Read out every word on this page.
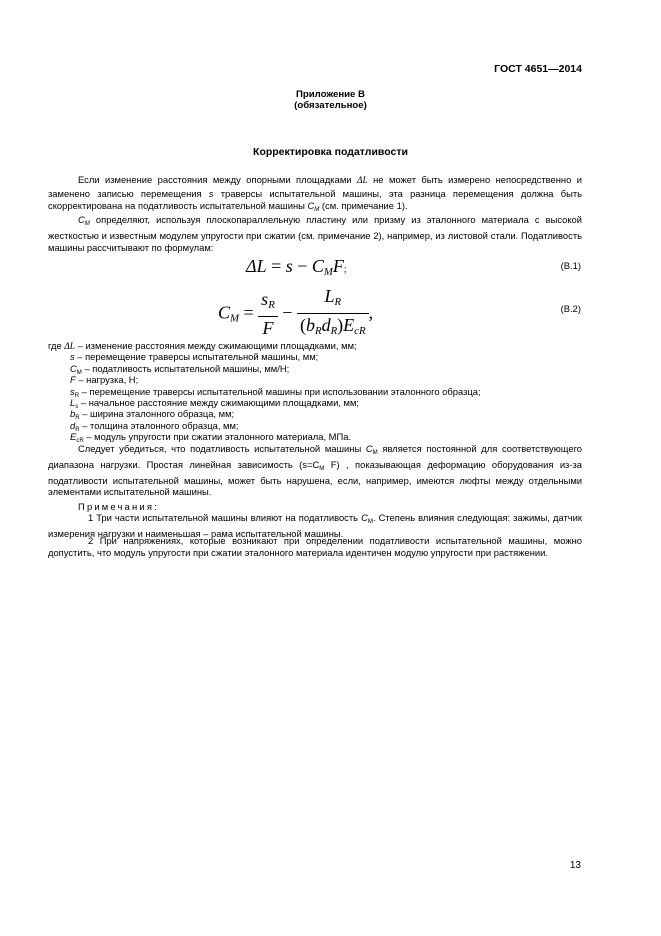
ГОСТ 4651—2014
Приложение В
(обязательное)
Корректировка податливости
Если изменение расстояния между опорными площадками ΔL не может быть измерено непосредственно и заменено записью перемещения s траверсы испытательной машины, эта разница перемещения должна быть скорректирована на податливость испытательной машины $C_M$ (см. примечание 1).
$C_M$ определяют, используя плоскопараллельную пластину или призму из эталонного материала с высокой жесткостью и известным модулем упругости при сжатии (см. примечание 2), например, из листовой стали. Податливость машины рассчитывают по формулам:
$\Delta L = s - C_MF$;	(B.1)
$C_M = \frac{s_R}{F} - \frac{L_R}{(b_Rd_R)E_{cR}}$ ,	(B.2)
где ΔL – изменение расстояния между сжимающими площадками, мм;
s – перемещение траверсы испытательной машины, мм;
$C_M$ – податливость испытательной машины, мм/Н;
F – нагрузка, Н;
$s_R$ – перемещение траверсы испытательной машины при использовании эталонного образца;
$L_s$ – начальное расстояние между сжимающими площадками, мм;
$b_R$ – ширина эталонного образца, мм;
$d_R$ – толщина эталонного образца, мм;
$E_{cR}$ – модуль упругости при сжатии эталонного материала, МПа.
Следует убедиться, что податливость испытательной машины $C_M$ является постоянной для соответствующего диапазона нагрузки. Простая линейная зависимость ($s=C_M$ F) , показывающая деформацию оборудования из-за податливости испытательной машины, может быть нарушена, если, например, имеются люфты между отдельными элементами испытательной машины.
Примечания:
1 Три части испытательной машины влияют на податливость $C_M$. Степень влияния следующая: зажимы, датчик измерения нагрузки и наименьшая – рама испытательной машины.
2 При напряжениях, которые возникают при определении податливости испытательной машины, можно допустить, что модуль упругости при сжатии эталонного материала идентичен модулю упругости при растяжении.
13
